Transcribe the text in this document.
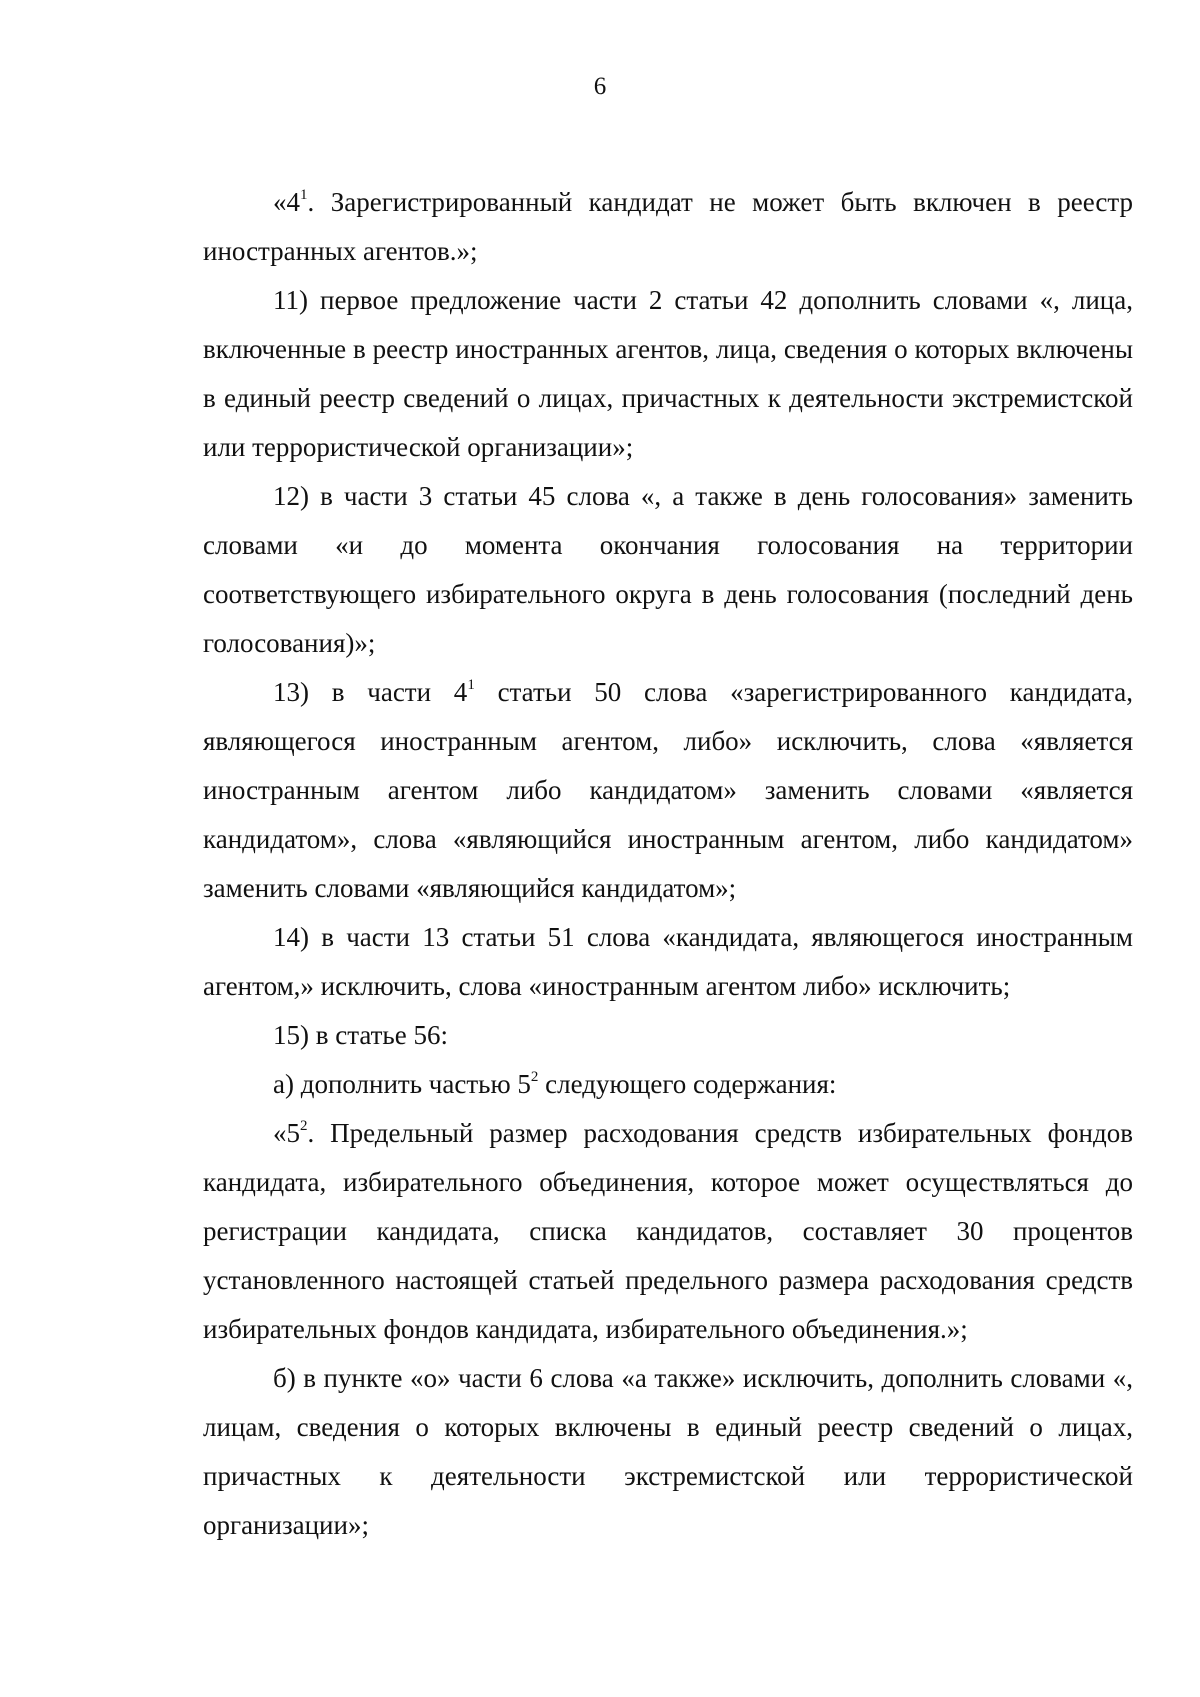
6

«$4^1$. Зарегистрированный кандидат не может быть включен в реестр иностранных агентов.»;

11) первое предложение части 2 статьи 42 дополнить словами «, лица, включенные в реестр иностранных агентов, лица, сведения о которых включены в единый реестр сведений о лицах, причастных к деятельности экстремистской или террористической организации»;

12) в части 3 статьи 45 слова «, а также в день голосования» заменить словами «и до момента окончания голосования на территории соответствующего избирательного округа в день голосования (последний день голосования)»;

13) в части $4^1$ статьи 50 слова «зарегистрированного кандидата, являющегося иностранным агентом, либо» исключить, слова «является иностранным агентом либо кандидатом» заменить словами «является кандидатом», слова «являющийся иностранным агентом, либо кандидатом» заменить словами «являющийся кандидатом»;

14) в части 13 статьи 51 слова «кандидата, являющегося иностранным агентом,» исключить, слова «иностранным агентом либо» исключить;

15) в статье 56:

а) дополнить частью $5^2$ следующего содержания:

«$5^2$. Предельный размер расходования средств избирательных фондов кандидата, избирательного объединения, которое может осуществляться до регистрации кандидата, списка кандидатов, составляет 30 процентов установленного настоящей статьей предельного размера расходования средств избирательных фондов кандидата, избирательного объединения.»;

б) в пункте «о» части 6 слова «а также» исключить, дополнить словами «, лицам, сведения о которых включены в единый реестр сведений о лицах, причастных к деятельности экстремистской или террористической организации»;
